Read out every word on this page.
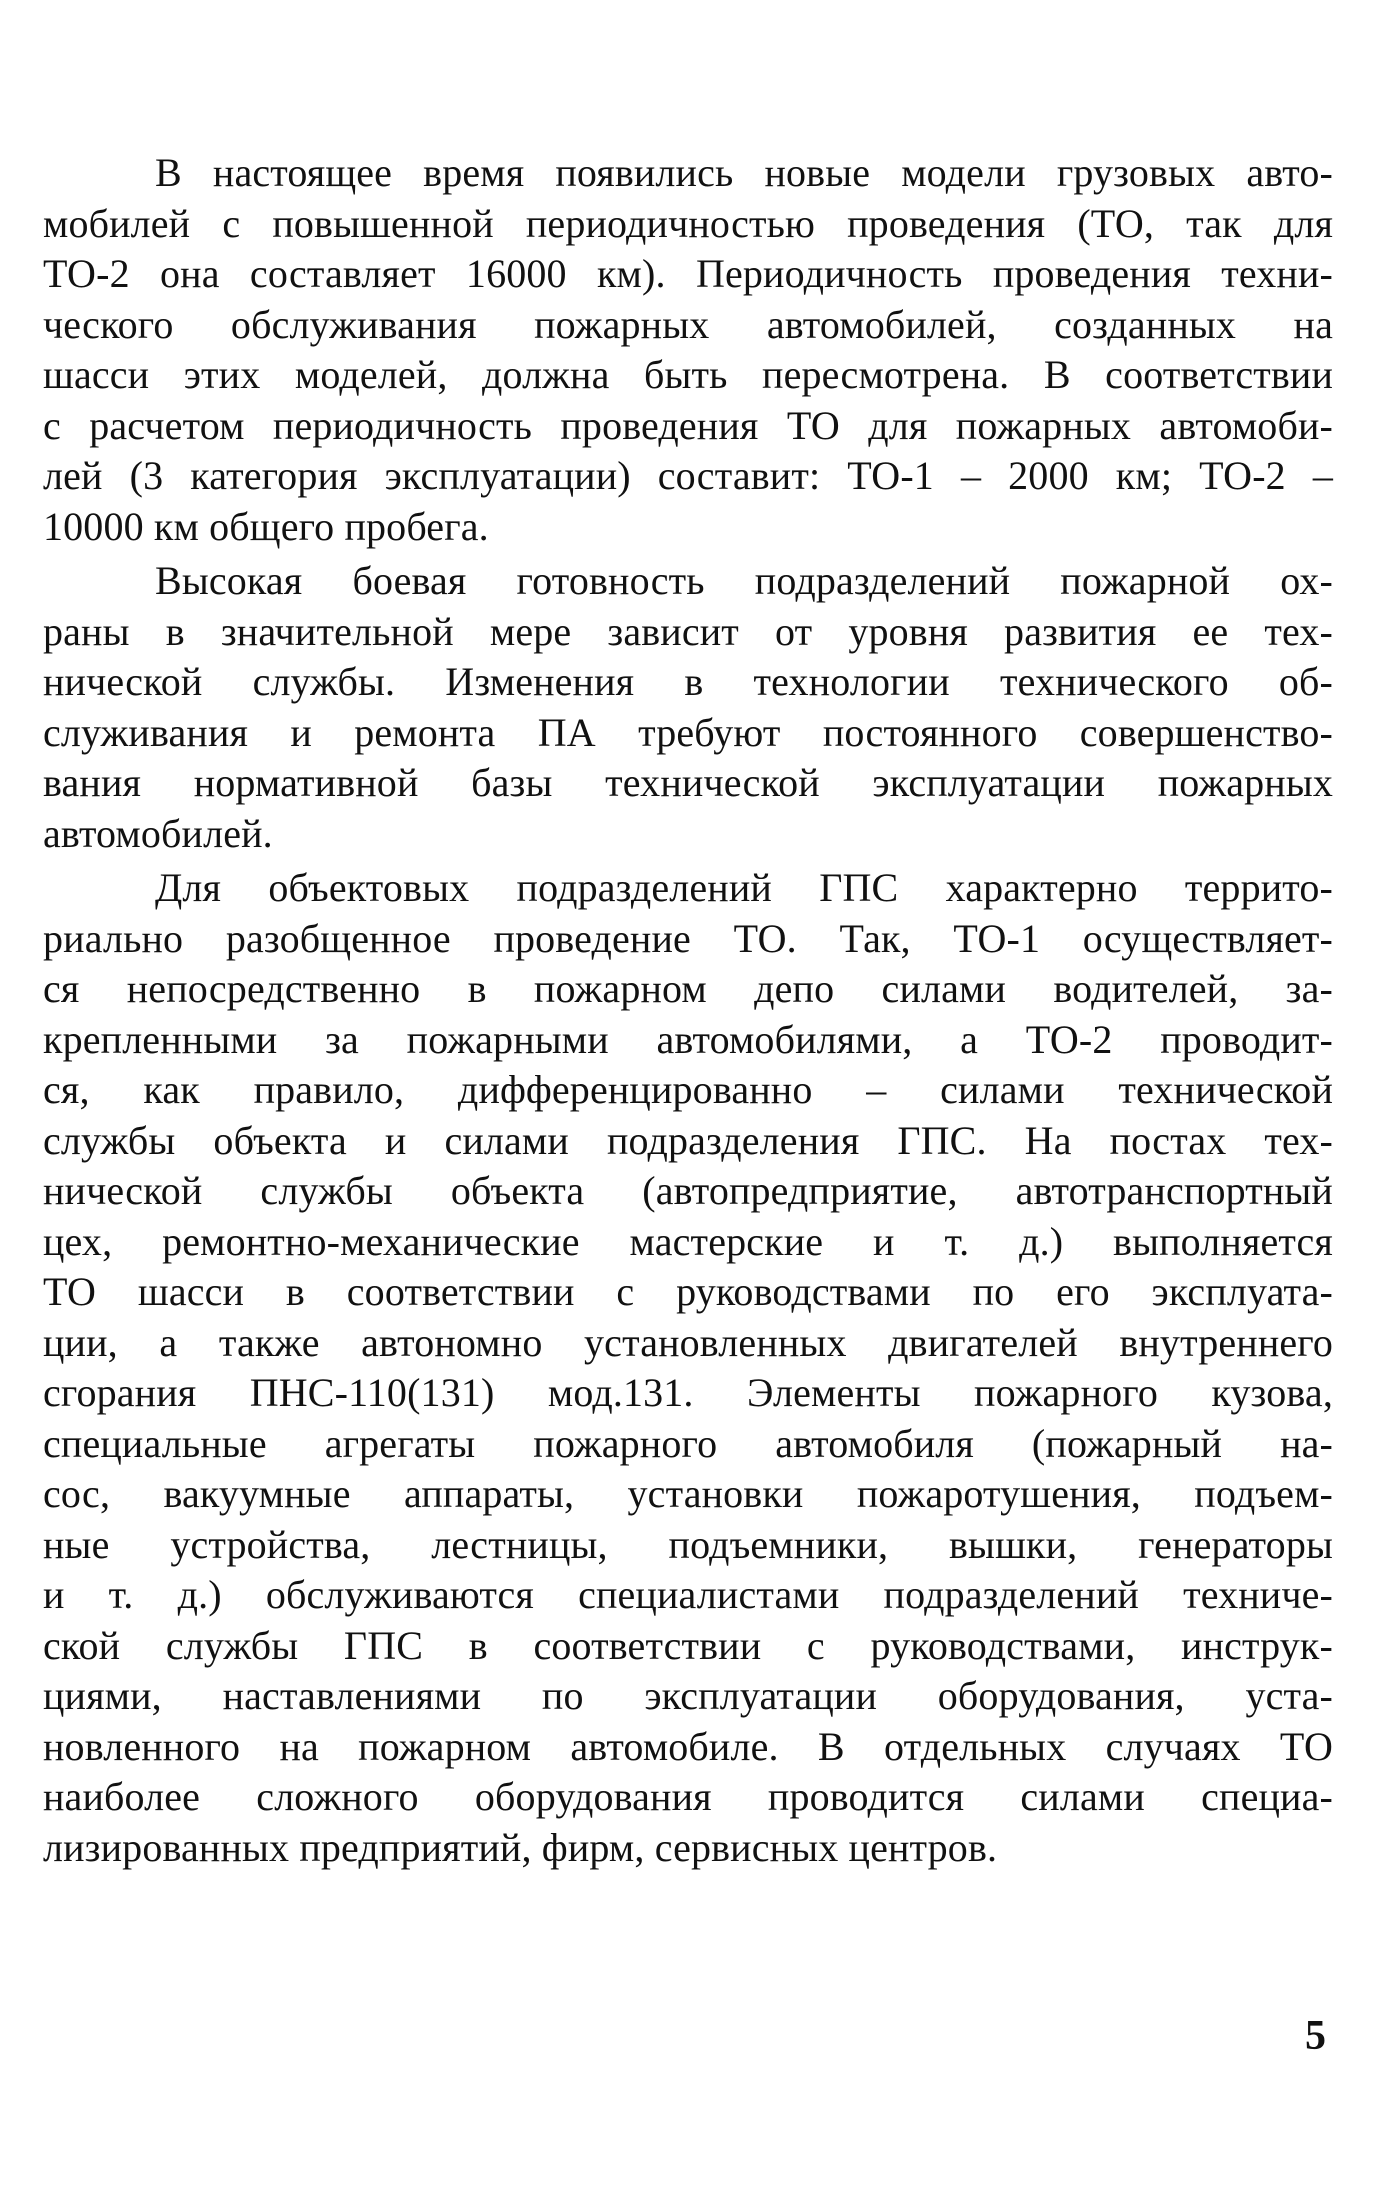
В настоящее время появились новые модели грузовых авто-
мобилей с повышенной периодичностью проведения (ТО, так для
ТО-2 она составляет 16000 км). Периодичность проведения техни-
ческого обслуживания пожарных автомобилей, созданных на
шасси этих моделей, должна быть пересмотрена. В соответствии
с расчетом периодичность проведения ТО для пожарных автомоби-
лей (3 категория эксплуатации) составит: ТО-1 – 2000 км; ТО-2 –
10000 км общего пробега.
Высокая боевая готовность подразделений пожарной ох-
раны в значительной мере зависит от уровня развития ее тех-
нической службы. Изменения в технологии технического об-
служивания и ремонта ПА требуют постоянного совершенство-
вания нормативной базы технической эксплуатации пожарных
автомобилей.
Для объектовых подразделений ГПС характерно террито-
риально разобщенное проведение ТО. Так, ТО-1 осуществляет-
ся непосредственно в пожарном депо силами водителей, за-
крепленными за пожарными автомобилями, а ТО-2 проводит-
ся, как правило, дифференцированно – силами технической
службы объекта и силами подразделения ГПС. На постах тех-
нической службы объекта (автопредприятие, автотранспортный
цех, ремонтно-механические мастерские и т. д.) выполняется
ТО шасси в соответствии с руководствами по его эксплуата-
ции, а также автономно установленных двигателей внутреннего
сгорания ПНС-110(131) мод.131. Элементы пожарного кузова,
специальные агрегаты пожарного автомобиля (пожарный на-
сос, вакуумные аппараты, установки пожаротушения, подъем-
ные устройства, лестницы, подъемники, вышки, генераторы
и т. д.) обслуживаются специалистами подразделений техниче-
ской службы ГПС в соответствии с руководствами, инструк-
циями, наставлениями по эксплуатации оборудования, уста-
новленного на пожарном автомобиле. В отдельных случаях ТО
наиболее сложного оборудования проводится силами специа-
лизированных предприятий, фирм, сервисных центров.
5
